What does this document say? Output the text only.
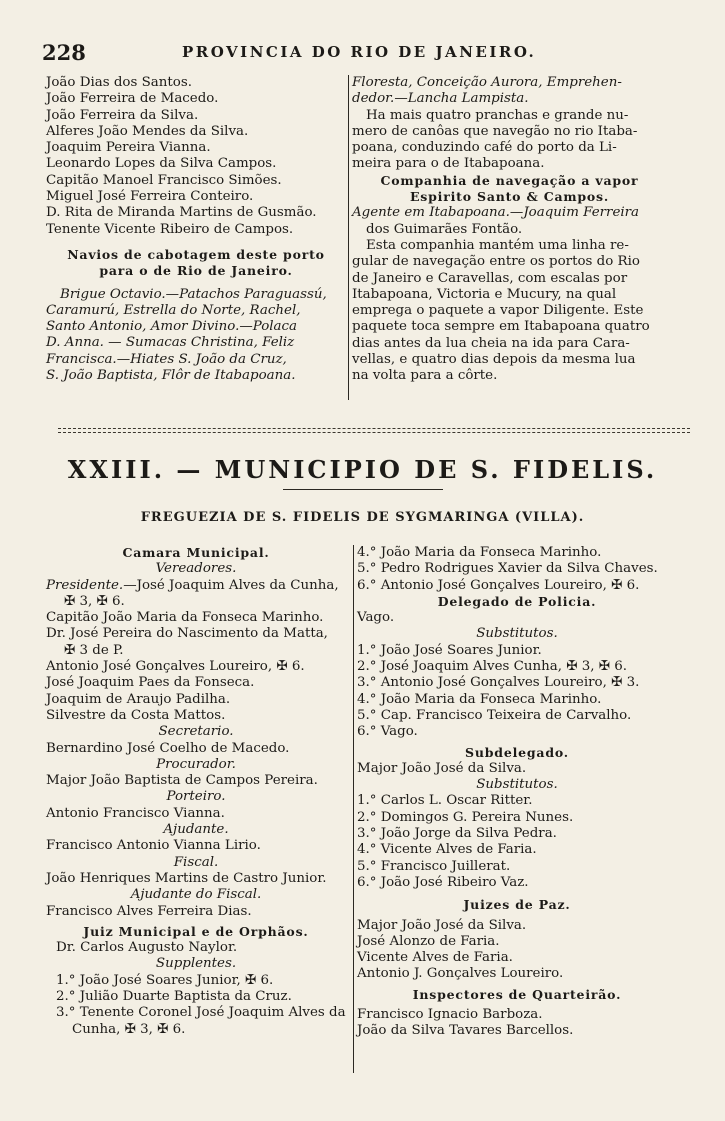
228	PROVINCIA DO RIO DE JANEIRO.

João Dias dos Santos.

João Ferreira de Macedo.

João Ferreira da Silva.

Alferes João Mendes da Silva.

Joaquim Pereira Vianna.

Leonardo Lopes da Silva Campos.

Capitão Manoel Francisco Simões.

Miguel José Ferreira Conteiro.

D. Rita de Miranda Martins de Gusmão.

Tenente Vicente Ribeiro de Campos.

Navios de cabotagem deste porto

para o de Rio de Janeiro.

Brigue Octavio.—Patachos Paraguassú,

Caramurú, Estrella do Norte, Rachel,

Santo Antonio, Amor Divino.—Polaca

D. Anna. — Sumacas Christina, Feliz

Francisca.—Hiates S. João da Cruz,

S. João Baptista, Flôr de Itabapoana.

Floresta, Conceição Aurora, Emprehen-

dedor.—Lancha Lampista.

Ha mais quatro pranchas e grande nu-

mero de canôas que navegão no rio Itaba-

poana, conduzindo café do porto da Li-

meira para o de Itabapoana.

Companhia de navegação a vapor

Espirito Santo & Campos.

Agente em Itabapoana.—Joaquim Ferreira

dos Guimarães Fontão.

Esta companhia mantém uma linha re-

gular de navegação entre os portos do Rio

de Janeiro e Caravellas, com escalas por

Itabapoana, Victoria e Mucury, na qual

emprega o paquete a vapor Diligente. Este

paquete toca sempre em Itabapoana quatro

dias antes da lua cheia na ida para Cara-

vellas, e quatro dias depois da mesma lua

na volta para a côrte.

XXIII. — MUNICIPIO DE S. FIDELIS.
FREGUEZIA DE S. FIDELIS DE SYGMARINGA (VILLA).

Camara Municipal.

Vereadores.

Presidente.—José Joaquim Alves da Cunha,

✠ 3, ✠ 6.

Capitão João Maria da Fonseca Marinho.

Dr. José Pereira do Nascimento da Matta,

✠ 3 de P.

Antonio José Gonçalves Loureiro, ✠ 6.

José Joaquim Paes da Fonseca.

Joaquim de Araujo Padilha.

Silvestre da Costa Mattos.

Secretario.

Bernardino José Coelho de Macedo.

Procurador.

Major João Baptista de Campos Pereira.

Porteiro.

Antonio Francisco Vianna.

Ajudante.

Francisco Antonio Vianna Lirio.

Fiscal.

João Henriques Martins de Castro Junior.

Ajudante do Fiscal.

Francisco Alves Ferreira Dias.

Juiz Municipal e de Orphãos.

Dr. Carlos Augusto Naylor.

Supplentes.

1.° João José Soares Junior, ✠ 6.

2.° Julião Duarte Baptista da Cruz.

3.° Tenente Coronel José Joaquim Alves da

Cunha, ✠ 3, ✠ 6.

4.° João Maria da Fonseca Marinho.

5.° Pedro Rodrigues Xavier da Silva Chaves.

6.° Antonio José Gonçalves Loureiro, ✠ 6.

Delegado de Policia.

Vago.

Substitutos.

1.° João José Soares Junior.

2.° José Joaquim Alves Cunha, ✠ 3, ✠ 6.

3.° Antonio José Gonçalves Loureiro, ✠ 3.

4.° João Maria da Fonseca Marinho.

5.° Cap. Francisco Teixeira de Carvalho.

6.° Vago.

Subdelegado.

Major João José da Silva.

Substitutos.

1.° Carlos L. Oscar Ritter.

2.° Domingos G. Pereira Nunes.

3.° João Jorge da Silva Pedra.

4.° Vicente Alves de Faria.

5.° Francisco Juillerat.

6.° João José Ribeiro Vaz.

Juizes de Paz.

Major João José da Silva.

José Alonzo de Faria.

Vicente Alves de Faria.

Antonio J. Gonçalves Loureiro.

Inspectores de Quarteirão.

Francisco Ignacio Barboza.

João da Silva Tavares Barcellos.
